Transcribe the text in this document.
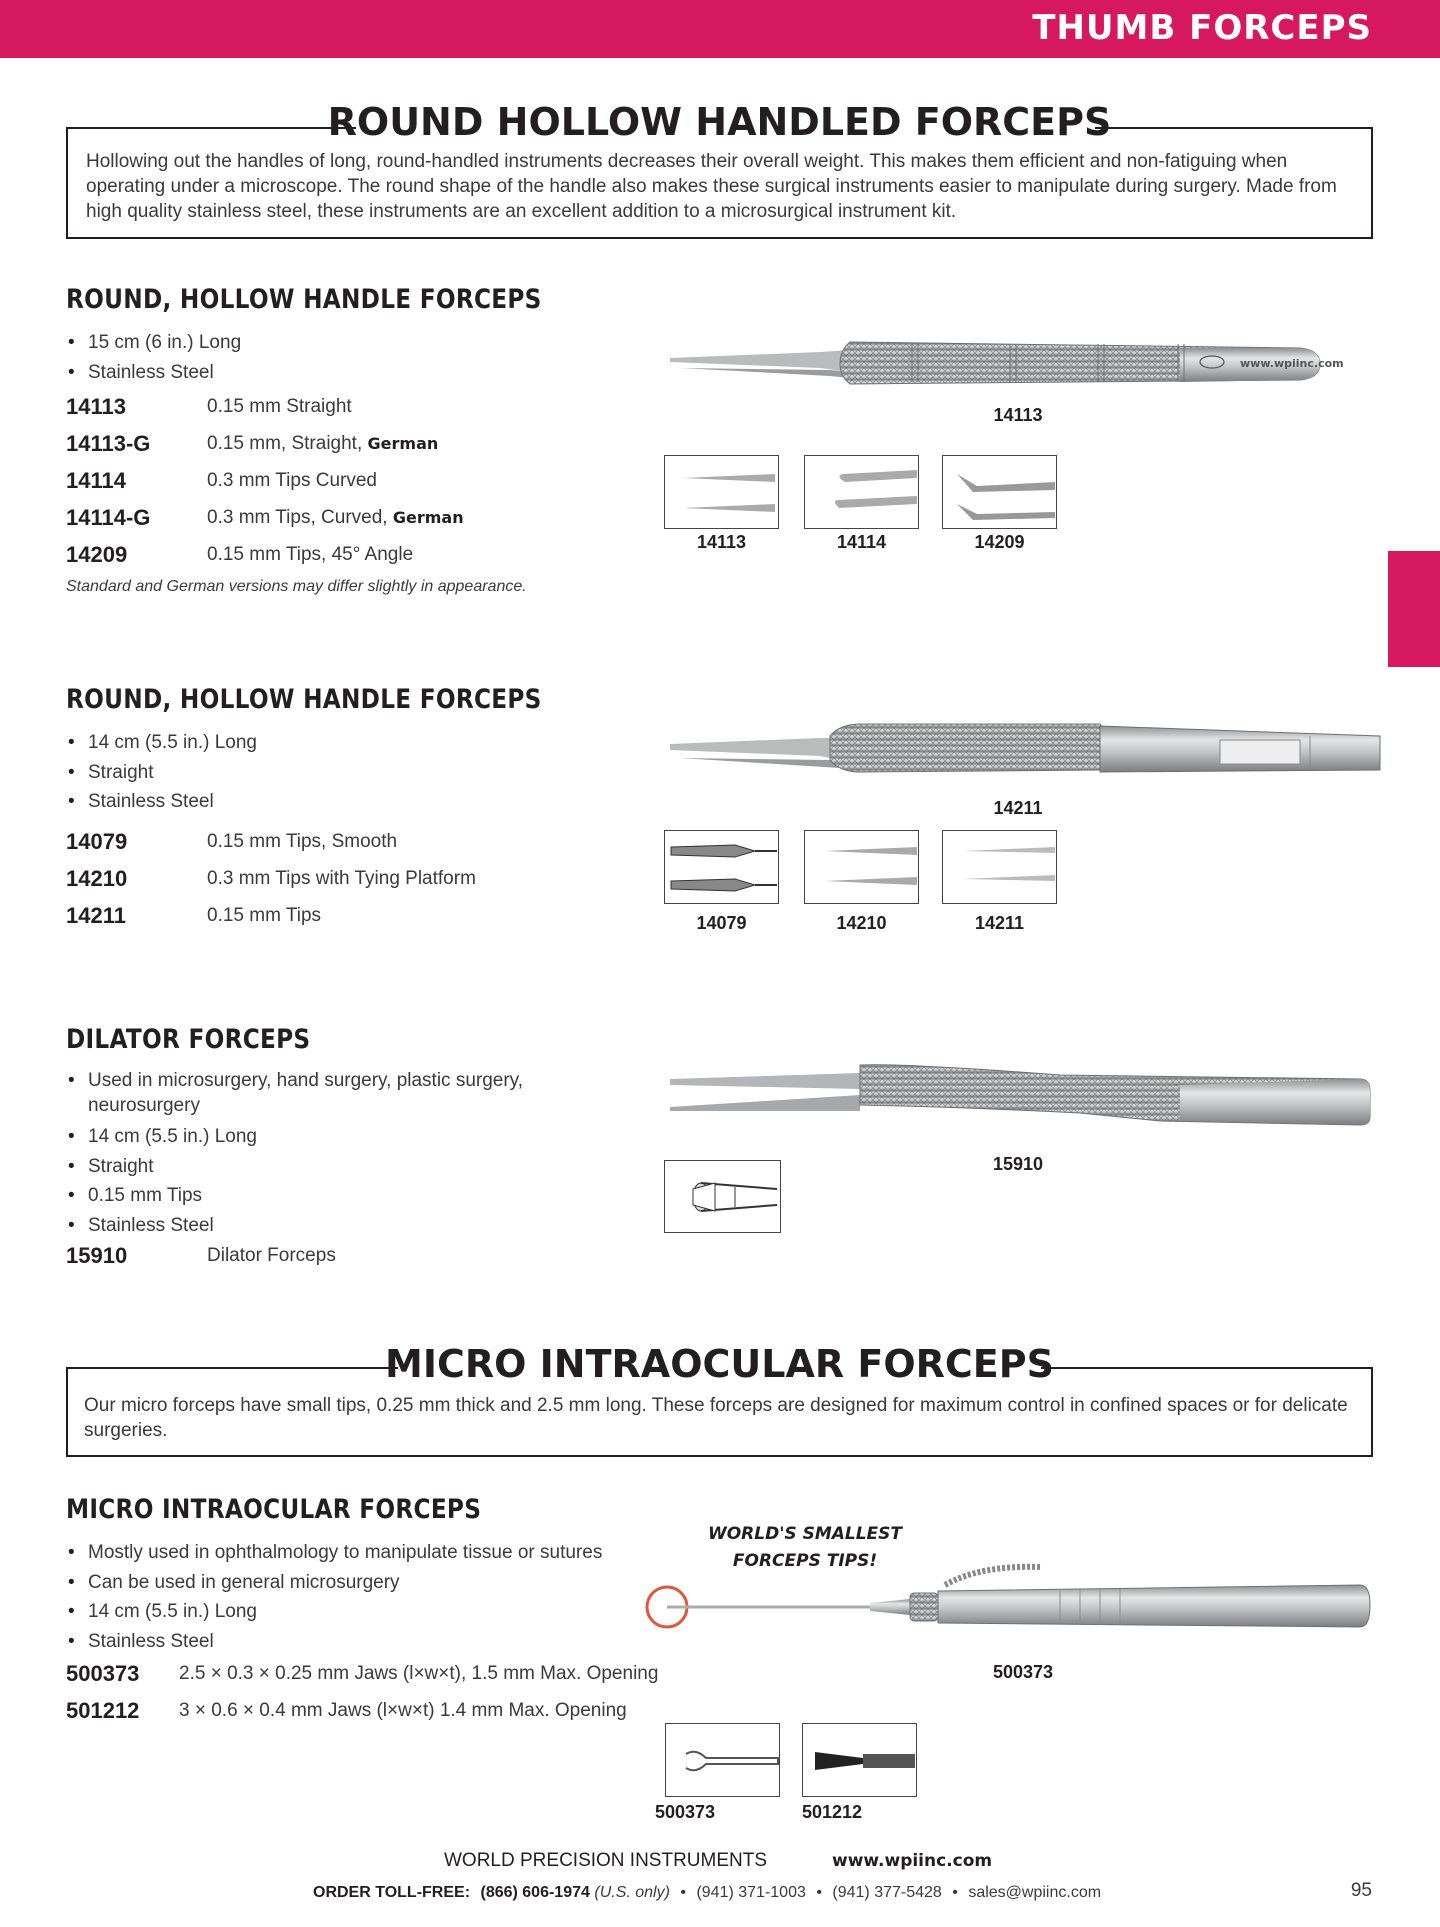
THUMB FORCEPS
ROUND HOLLOW HANDLED FORCEPS
Hollowing out the handles of long, round-handled instruments decreases their overall weight. This makes them efficient and non-fatiguing when operating under a microscope. The round shape of the handle also makes these surgical instruments easier to manipulate during surgery. Made from high quality stainless steel, these instruments are an excellent addition to a microsurgical instrument kit.
ROUND, HOLLOW HANDLE FORCEPS
• 15 cm (6 in.) Long
• Stainless Steel
14113	0.15 mm Straight
14113-G	0.15 mm, Straight, German
14114	0.3 mm Tips Curved
14114-G	0.3 mm Tips, Curved, German
14209	0.15 mm Tips, 45° Angle
Standard and German versions may differ slightly in appearance.
www.wpiinc.com
14113
14113	14114	14209
ROUND, HOLLOW HANDLE FORCEPS
• 14 cm (5.5 in.) Long
• Straight
• Stainless Steel
14079	0.15 mm Tips, Smooth
14210	0.3 mm Tips with Tying Platform
14211	0.15 mm Tips
14211
14079	14210	14211
DILATOR FORCEPS
• Used in microsurgery, hand surgery, plastic surgery, neurosurgery
• 14 cm (5.5 in.) Long
• Straight
• 0.15 mm Tips
• Stainless Steel
15910	Dilator Forceps
15910
MICRO INTRAOCULAR FORCEPS
Our micro forceps have small tips, 0.25 mm thick and 2.5 mm long. These forceps are designed for maximum control in confined spaces or for delicate surgeries.
MICRO INTRAOCULAR FORCEPS
• Mostly used in ophthalmology to manipulate tissue or sutures
• Can be used in general microsurgery
• 14 cm (5.5 in.) Long
• Stainless Steel
500373 2.5 × 0.3 × 0.25 mm Jaws (l×w×t), 1.5 mm Max. Opening
501212 3 × 0.6 × 0.4 mm Jaws (l×w×t) 1.4 mm Max. Opening
WORLD'S SMALLEST
FORCEPS TIPS!
500373
500373	501212
WORLD PRECISION INSTRUMENTS	www.wpiinc.com
ORDER TOLL-FREE: (866) 606-1974 (U.S. only) • (941) 371-1003 • (941) 377-5428 • sales@wpiinc.com	95
